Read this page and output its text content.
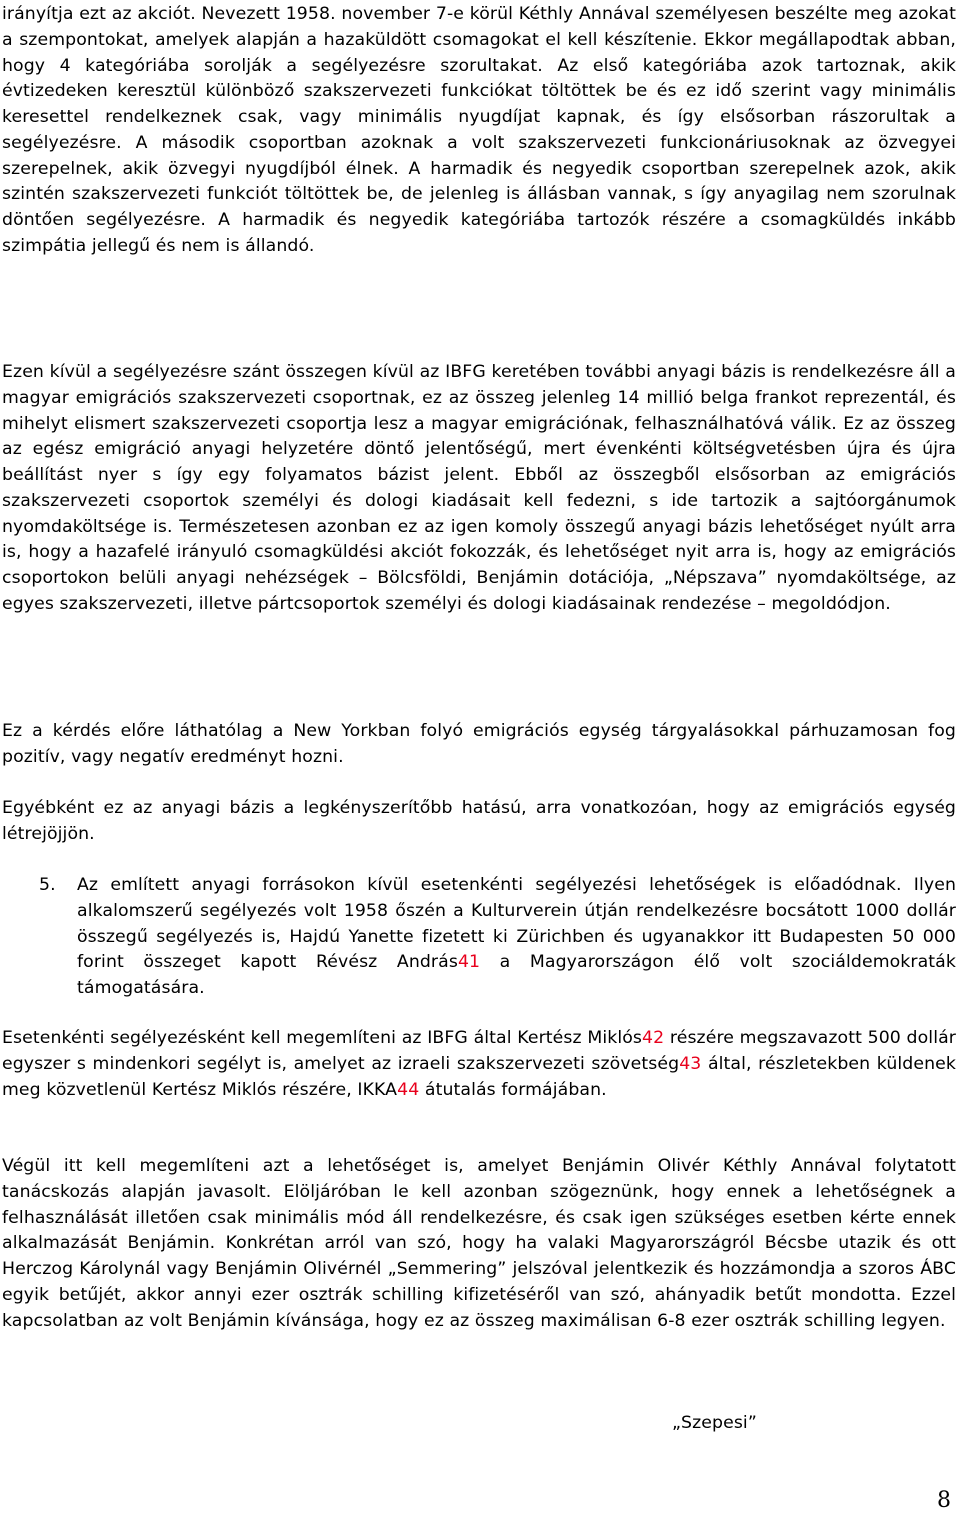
irányítja ezt az akciót. Nevezett 1958. november 7-e körül Kéthly Annával személyesen beszélte meg azokat a szempontokat, amelyek alapján a hazaküldött csomagokat el kell készítenie. Ekkor megállapodtak abban, hogy 4 kategóriába sorolják a segélyezésre szorultakat. Az első kategóriába azok tartoznak, akik évtizedeken keresztül különböző szakszervezeti funkciókat töltöttek be és ez idő szerint vagy minimális keresettel rendelkeznek csak, vagy minimális nyugdíjat kapnak, és így elsősorban rászorultak a segélyezésre. A második csoportban azoknak a volt szakszervezeti funkcionáriusoknak az özvegyei szerepelnek, akik özvegyi nyugdíjból élnek. A harmadik és negyedik csoportban szerepelnek azok, akik szintén szakszervezeti funkciót töltöttek be, de jelenleg is állásban vannak, s így anyagilag nem szorulnak döntően segélyezésre. A harmadik és negyedik kategóriába tartozók részére a csomagküldés inkább szimpátia jellegű és nem is állandó.

Ezen kívül a segélyezésre szánt összegen kívül az IBFG keretében további anyagi bázis is rendelkezésre áll a magyar emigrációs szakszervezeti csoportnak, ez az összeg jelenleg 14 millió belga frankot reprezentál, és mihelyt elismert szakszervezeti csoportja lesz a magyar emigrációnak, felhasználhatóvá válik. Ez az összeg az egész emigráció anyagi helyzetére döntő jelentőségű, mert évenkénti költségvetésben újra és újra beállítást nyer s így egy folyamatos bázist jelent. Ebből az összegből elsősorban az emigrációs szakszervezeti csoportok személyi és dologi kiadásait kell fedezni, s ide tartozik a sajtóorgánumok nyomdaköltsége is. Természetesen azonban ez az igen komoly összegű anyagi bázis lehetőséget nyúlt arra is, hogy a hazafelé irányuló csomagküldési akciót fokozzák, és lehetőséget nyit arra is, hogy az emigrációs csoportokon belüli anyagi nehézségek – Bölcsföldi, Benjámin dotációja, „Népszava” nyomdaköltsége, az egyes szakszervezeti, illetve pártcsoportok személyi és dologi kiadásainak rendezése – megoldódjon.

Ez a kérdés előre láthatólag a New Yorkban folyó emigrációs egység tárgyalásokkal párhuzamosan fog pozitív, vagy negatív eredményt hozni.

Egyébként ez az anyagi bázis a legkényszerítőbb hatású, arra vonatkozóan, hogy az emigrációs egység létrejöjjön.

5.	Az említett anyagi forrásokon kívül esetenkénti segélyezési lehetőségek is előadódnak. Ilyen alkalomszerű segélyezés volt 1958 őszén a Kulturverein útján rendelkezésre bocsátott 1000 dollár összegű segélyezés is, Hajdú Yanette fizetett ki Zürichben és ugyanakkor itt Budapesten 50 000 forint összeget kapott Révész András41 a Magyarországon élő volt szociáldemokraták támogatására.

Esetenkénti segélyezésként kell megemlíteni az IBFG által Kertész Miklós42 részére megszavazott 500 dollár egyszer s mindenkori segélyt is, amelyet az izraeli szakszervezeti szövetség43 által, részletekben küldenek meg közvetlenül Kertész Miklós részére, IKKA44 átutalás formájában.

Végül itt kell megemlíteni azt a lehetőséget is, amelyet Benjámin Olivér Kéthly Annával folytatott tanácskozás alapján javasolt. Elöljáróban le kell azonban szögeznünk, hogy ennek a lehetőségnek a felhasználását illetően csak minimális mód áll rendelkezésre, és csak igen szükséges esetben kérte ennek alkalmazását Benjámin. Konkrétan arról van szó, hogy ha valaki Magyarországról Bécsbe utazik és ott Herczog Károlynál vagy Benjámin Olivérnél „Semmering” jelszóval jelentkezik és hozzámondja a szoros ÁBC egyik betűjét, akkor annyi ezer osztrák schilling kifizetéséről van szó, ahányadik betűt mondotta. Ezzel kapcsolatban az volt Benjámin kívánsága, hogy ez az összeg maximálisan 6-8 ezer osztrák schilling legyen.

„Szepesi”
8
